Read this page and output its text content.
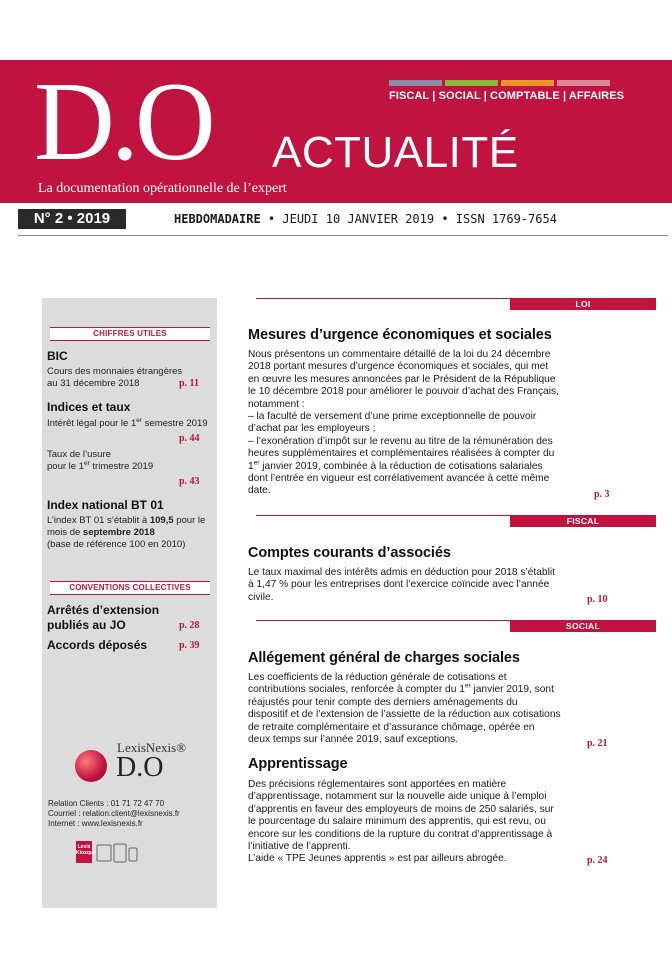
FISCAL | SOCIAL | COMPTABLE | AFFAIRES
D.O ACTUALITÉ
La documentation opérationnelle de l’expert
N° 2 • 2019	HEBDOMADAIRE • JEUDI 10 JANVIER 2019 • ISSN 1769-7654
CHIFFRES UTILES
BIC
Cours des monnaies étrangères
au 31 décembre 2018	p. 11
Indices et taux
Intérêt légal pour le 1er semestre 2019
p. 44
Taux de l’usure
pour le 1er trimestre 2019
p. 43
Index national BT 01
L’index BT 01 s’établit à 109,5 pour le
mois de septembre 2018
(base de référence 100 en 2010)
CONVENTIONS COLLECTIVES
Arrêtés d’extension
publiés au JO	p. 28
Accords déposés	p. 39
LexisNexis®
D.O
Relation Clients : 01 71 72 47 70
Courriel : relation.client@lexisnexis.fr
Internet : www.lexisnexis.fr
Lexis Kiosque
LOI
Mesures d’urgence économiques et sociales

Nous présentons un commentaire détaillé de la loi du 24 décembre

2018 portant mesures d’urgence économiques et sociales, qui met

en œuvre les mesures annoncées par le Président de la République

le 10 décembre 2018 pour améliorer le pouvoir d’achat des Français,

notamment :

– la faculté de versement d’une prime exceptionnelle de pouvoir

d’achat par les employeurs ;

– l’exonération d’impôt sur le revenu au titre de la rémunération des

heures supplémentaires et complémentaires réalisées à compter du

1er janvier 2019, combinée à la réduction de cotisations salariales

dont l’entrée en vigueur est corrélativement avancée à cette même

date.	p. 3
FISCAL
Comptes courants d’associés

Le taux maximal des intérêts admis en déduction pour 2018 s’établit

à 1,47 % pour les entreprises dont l’exercice coïncide avec l’année

civile.	p. 10
SOCIAL
Allégement général de charges sociales

Les coefficients de la réduction générale de cotisations et

contributions sociales, renforcée à compter du 1er janvier 2019, sont

réajustés pour tenir compte des derniers aménagements du

dispositif et de l’extension de l’assiette de la réduction aux cotisations

de retraite complémentaire et d’assurance chômage, opérée en

deux temps sur l’année 2019, sauf exceptions.	p. 21
Apprentissage

Des précisions réglementaires sont apportées en matière

d’apprentissage, notamment sur la nouvelle aide unique à l’emploi

d’apprentis en faveur des employeurs de moins de 250 salariés, sur

le pourcentage du salaire minimum des apprentis, qui est revu, ou

encore sur les conditions de la rupture du contrat d’apprentissage à

l’initiative de l’apprenti.

L’aide « TPE Jeunes apprentis » est par ailleurs abrogée.	p. 24
